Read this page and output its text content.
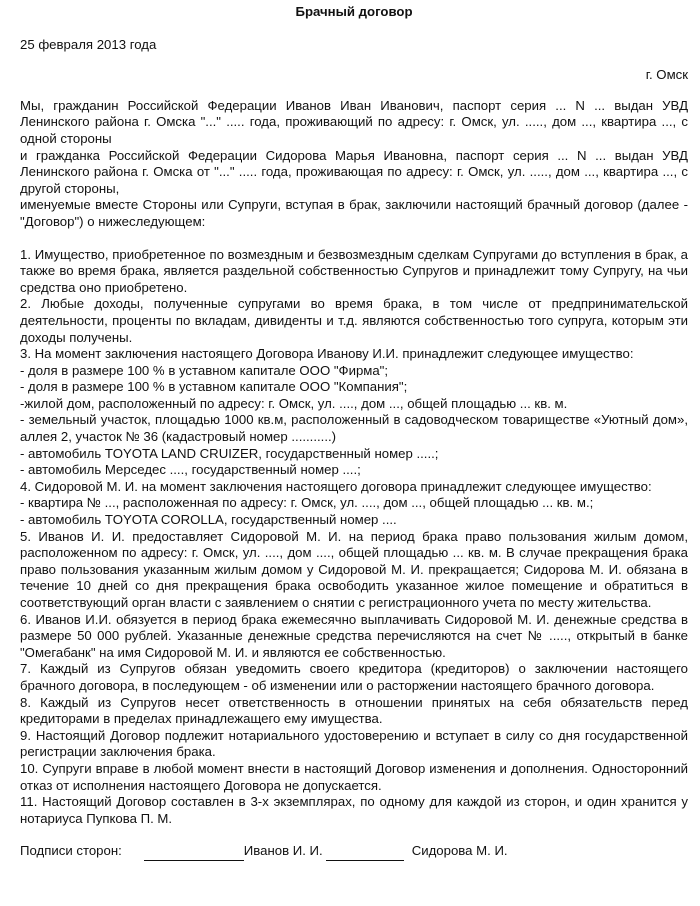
Брачный договор
25 февраля 2013 года
г. Омск

Мы, гражданин Российской Федерации Иванов Иван Иванович, паспорт серия ... N ... выдан УВД Ленинского района г. Омска "..." ..... года, проживающий по адресу: г. Омск, ул. ....., дом ..., квартира ..., с одной стороны

и гражданка Российской Федерации Сидорова Марья Ивановна, паспорт серия ... N ... выдан УВД Ленинского района г. Омска от "..." ..... года, проживающая по адресу: г. Омск, ул. ....., дом ..., квартира ..., с другой стороны,

именуемые вместе Стороны или Супруги, вступая в брак, заключили настоящий брачный договор (далее - "Договор") о нижеследующем:

1. Имущество, приобретенное по возмездным и безвозмездным сделкам Супругами до вступления в брак, а также во время брака, является раздельной собственностью Супругов и принадлежит тому Супругу, на чьи средства оно приобретено.

2. Любые доходы, полученные супругами во время брака, в том числе от предпринимательской деятельности, проценты по вкладам, дивиденты и т.д. являются собственностью того супруга, которым эти доходы получены.

3. На момент заключения настоящего Договора Иванову И.И. принадлежит следующее имущество:

- доля в размере 100 % в уставном капитале ООО "Фирма";

- доля в размере 100 % в уставном капитале ООО "Компания";

-жилой дом, расположенный по адресу: г. Омск, ул. ...., дом ..., общей площадью ... кв. м.

- земельный участок, площадью 1000 кв.м, расположенный в садоводческом товариществе «Уютный дом», аллея 2, участок № 36 (кадастровый номер ...........)

- автомобиль TOYOTA LAND CRUIZER, государственный номер .....;

- автомобиль Мерседес ...., государственный номер ....;

4. Сидоровой М. И. на момент заключения настоящего договора принадлежит следующее имущество:

- квартира № ..., расположенная по адресу: г. Омск, ул. ...., дом ..., общей площадью ... кв. м.;

- автомобиль TOYOTA COROLLA, государственный номер ....

5. Иванов И. И. предоставляет Сидоровой М. И. на период брака право пользования жилым домом, расположенном по адресу: г. Омск, ул. ...., дом ...., общей площадью ... кв. м. В случае прекращения брака право пользования указанным жилым домом у Сидоровой М. И. прекращается; Сидорова М. И. обязана в течение 10 дней со дня прекращения брака освободить указанное жилое помещение и обратиться в соответствующий орган власти с заявлением о снятии с регистрационного учета по месту жительства.

6. Иванов И.И. обязуется в период брака ежемесячно выплачивать Сидоровой М. И. денежные средства в размере 50 000 рублей. Указанные денежные средства перечисляются на счет № ....., открытый в банке "Омегабанк" на имя Сидоровой М. И. и являются ее собственностью.

7. Каждый из Супругов обязан уведомить своего кредитора (кредиторов) о заключении настоящего брачного договора, в последующем - об изменении или о расторжении настоящего брачного договора.

8. Каждый из Супругов несет ответственность в отношении принятых на себя обязательств перед кредиторами в пределах принадлежащего ему имущества.

9. Настоящий Договор подлежит нотариального удостоверению и вступает в силу со дня государственной регистрации заключения брака.

10. Супруги вправе в любой момент внести в настоящий Договор изменения и дополнения. Односторонний отказ от исполнения настоящего Договора не допускается.

11. Настоящий Договор составлен в 3-х экземплярах, по одному для каждой из сторон, и один хранится у нотариуса Пупкова П. М.

Подписи сторон:	Иванов И. И.	Сидорова М. И.
